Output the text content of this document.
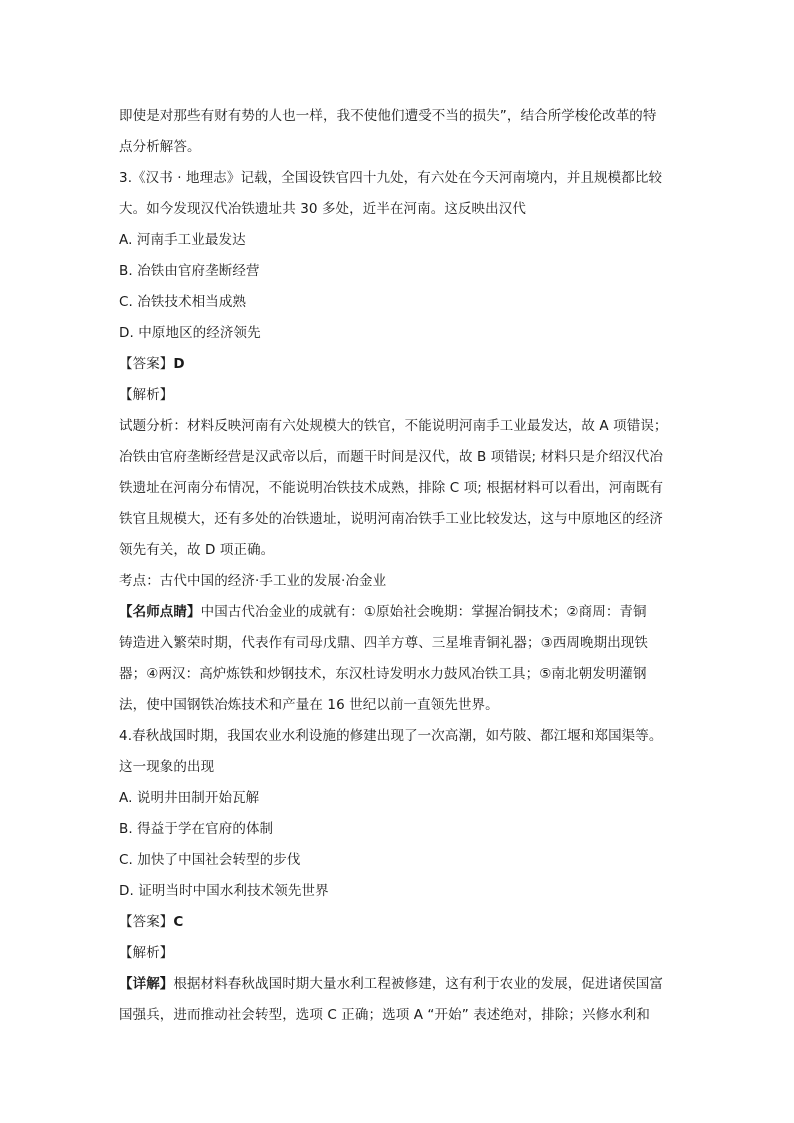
即使是对那些有财有势的人也一样，我不使他们遭受不当的损失”，结合所学梭伦改革的特
点分析解答。
3.《汉书 · 地理志》记载，全国设铁官四十九处，有六处在今天河南境内，并且规模都比较
大。如今发现汉代冶铁遗址共 30 多处，近半在河南。这反映出汉代
A. 河南手工业最发达
B. 冶铁由官府垄断经营
C. 冶铁技术相当成熟
D. 中原地区的经济领先
【答案】D
【解析】
试题分析：材料反映河南有六处规模大的铁官，不能说明河南手工业最发达，故 A 项错误；
冶铁由官府垄断经营是汉武帝以后，而题干时间是汉代，故 B 项错误; 材料只是介绍汉代冶
铁遗址在河南分布情况，不能说明冶铁技术成熟，排除 C 项; 根据材料可以看出，河南既有
铁官且规模大，还有多处的冶铁遗址，说明河南冶铁手工业比较发达，这与中原地区的经济
领先有关，故 D 项正确。
考点：古代中国的经济·手工业的发展·冶金业
【名师点睛】中国古代冶金业的成就有：①原始社会晚期：掌握冶铜技术；②商周：青铜
铸造进入繁荣时期，代表作有司母戊鼎、四羊方尊、三星堆青铜礼器；③西周晚期出现铁
器；④两汉：高炉炼铁和炒钢技术，东汉杜诗发明水力鼓风冶铁工具；⑤南北朝发明灌钢
法，使中国钢铁冶炼技术和产量在 16 世纪以前一直领先世界。
4.春秋战国时期，我国农业水利设施的修建出现了一次高潮，如芍陂、都江堰和郑国渠等。
这一现象的出现
A. 说明井田制开始瓦解
B. 得益于学在官府的体制
C. 加快了中国社会转型的步伐
D. 证明当时中国水利技术领先世界
【答案】C
【解析】
【详解】根据材料春秋战国时期大量水利工程被修建，这有利于农业的发展，促进诸侯国富
国强兵，进而推动社会转型，选项 C 正确；选项 A “开始” 表述绝对，排除；兴修水利和
